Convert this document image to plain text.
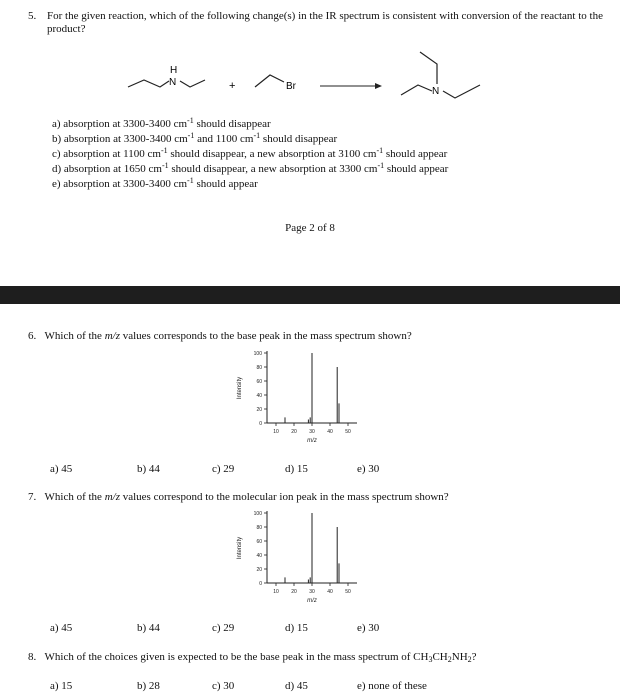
5. For the given reaction, which of the following change(s) in the IR spectrum is consistent with conversion of the reactant to the product?
H
N	+	Br	N
a) absorption at 3300-3400 $cm^{-1}$ should disappear
b) absorption at 3300-3400 $cm^{-1}$ and 1100 $cm^{-1}$ should disappear
c) absorption at 1100 $cm^{-1}$ should disappear, a new absorption at 3100 $cm^{-1}$ should appear
d) absorption at 1650 $cm^{-1}$ should disappear, a new absorption at 3300 $cm^{-1}$ should appear
e) absorption at 3300-3400 $cm^{-1}$ should appear
Page 2 of 8
6. Which of the m/z values corresponds to the base peak in the mass spectrum shown?
0
20
40
60
80
100
10 20 30 40 50
m/z
Intensity
a) 45	b) 44	c) 29	d) 15	e) 30
7. Which of the m/z values correspond to the molecular ion peak in the mass spectrum shown?
0
20
40
60
80
100
10 20 30 40 50
m/z
Intensity
a) 45	b) 44	c) 29	d) 15	e) 30
8. Which of the choices given is expected to be the base peak in the mass spectrum of $CH_3CH_2NH_2$?
a) 15	b) 28	c) 30	d) 45	e) none of these
